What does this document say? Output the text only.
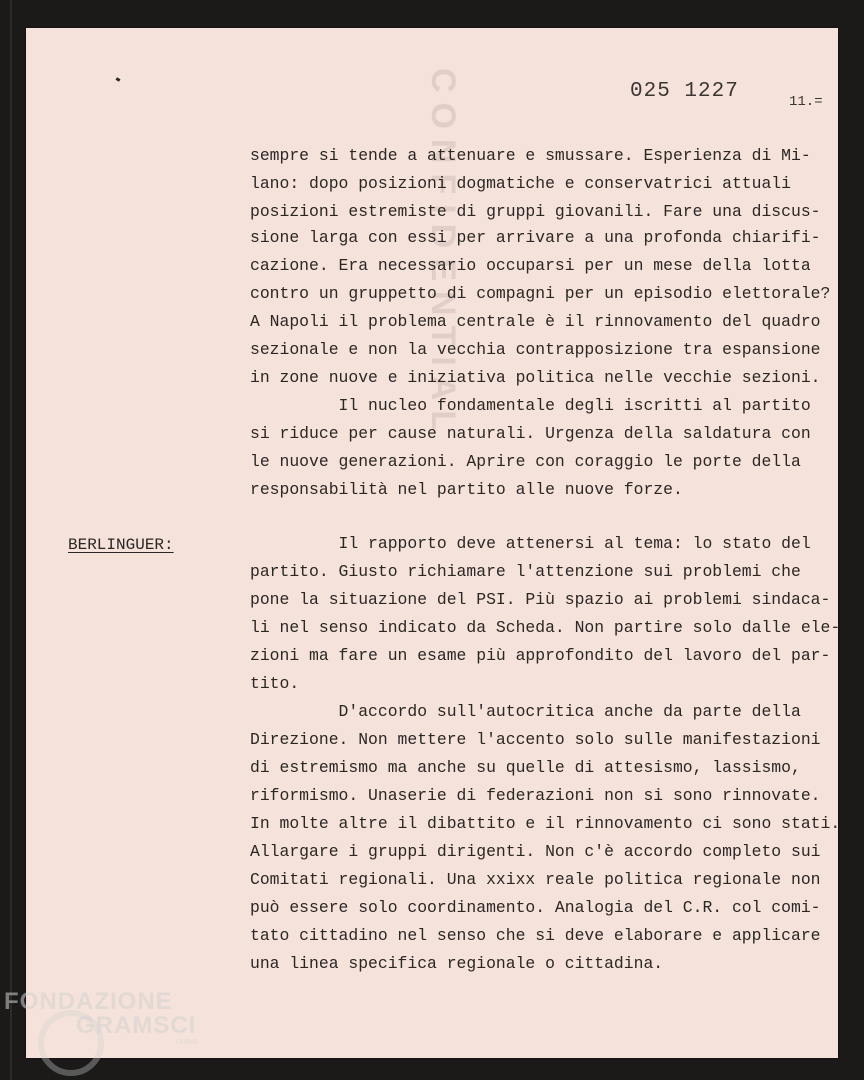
CONFIDENTIAL	025 1227	11.=
BERLINGUER:
sempre si tende a attenuare e smussare. Esperienza di Mi-
lano: dopo posizioni dogmatiche e conservatrici attuali
posizioni estremiste di gruppi giovanili. Fare una discus-
sione larga con essi per arrivare a una profonda chiarifi-
cazione. Era necessario occuparsi per un mese della lotta
contro un gruppetto di compagni per un episodio elettorale?
A Napoli il problema centrale è il rinnovamento del quadro
sezionale e non la vecchia contrapposizione tra espansione
in zone nuove e iniziativa politica nelle vecchie sezioni.
Il nucleo fondamentale degli iscritti al partito
si riduce per cause naturali. Urgenza della saldatura con
le nuove generazioni. Aprire con coraggio le porte della
responsabilità nel partito alle nuove forze.
Il rapporto deve attenersi al tema: lo stato del
partito. Giusto richiamare l'attenzione sui problemi che
pone la situazione del PSI. Più spazio ai problemi sindaca-
li nel senso indicato da Scheda. Non partire solo dalle ele-
zioni ma fare un esame più approfondito del lavoro del par-
tito.
D'accordo sull'autocritica anche da parte della
Direzione. Non mettere l'accento solo sulle manifestazioni
di estremismo ma anche su quelle di attesismo, lassismo,
riformismo. Unaserie di federazioni non si sono rinnovate.
In molte altre il dibattito e il rinnovamento ci sono stati.
Allargare i gruppi dirigenti. Non c'è accordo completo sui
Comitati regionali. Una xxixx reale politica regionale non
può essere solo coordinamento. Analogia del C.R. col comi-
tato cittadino nel senso che si deve elaborare e applicare
una linea specifica regionale o cittadina.
FONDAZIONE
GRAMSCI
onlus
